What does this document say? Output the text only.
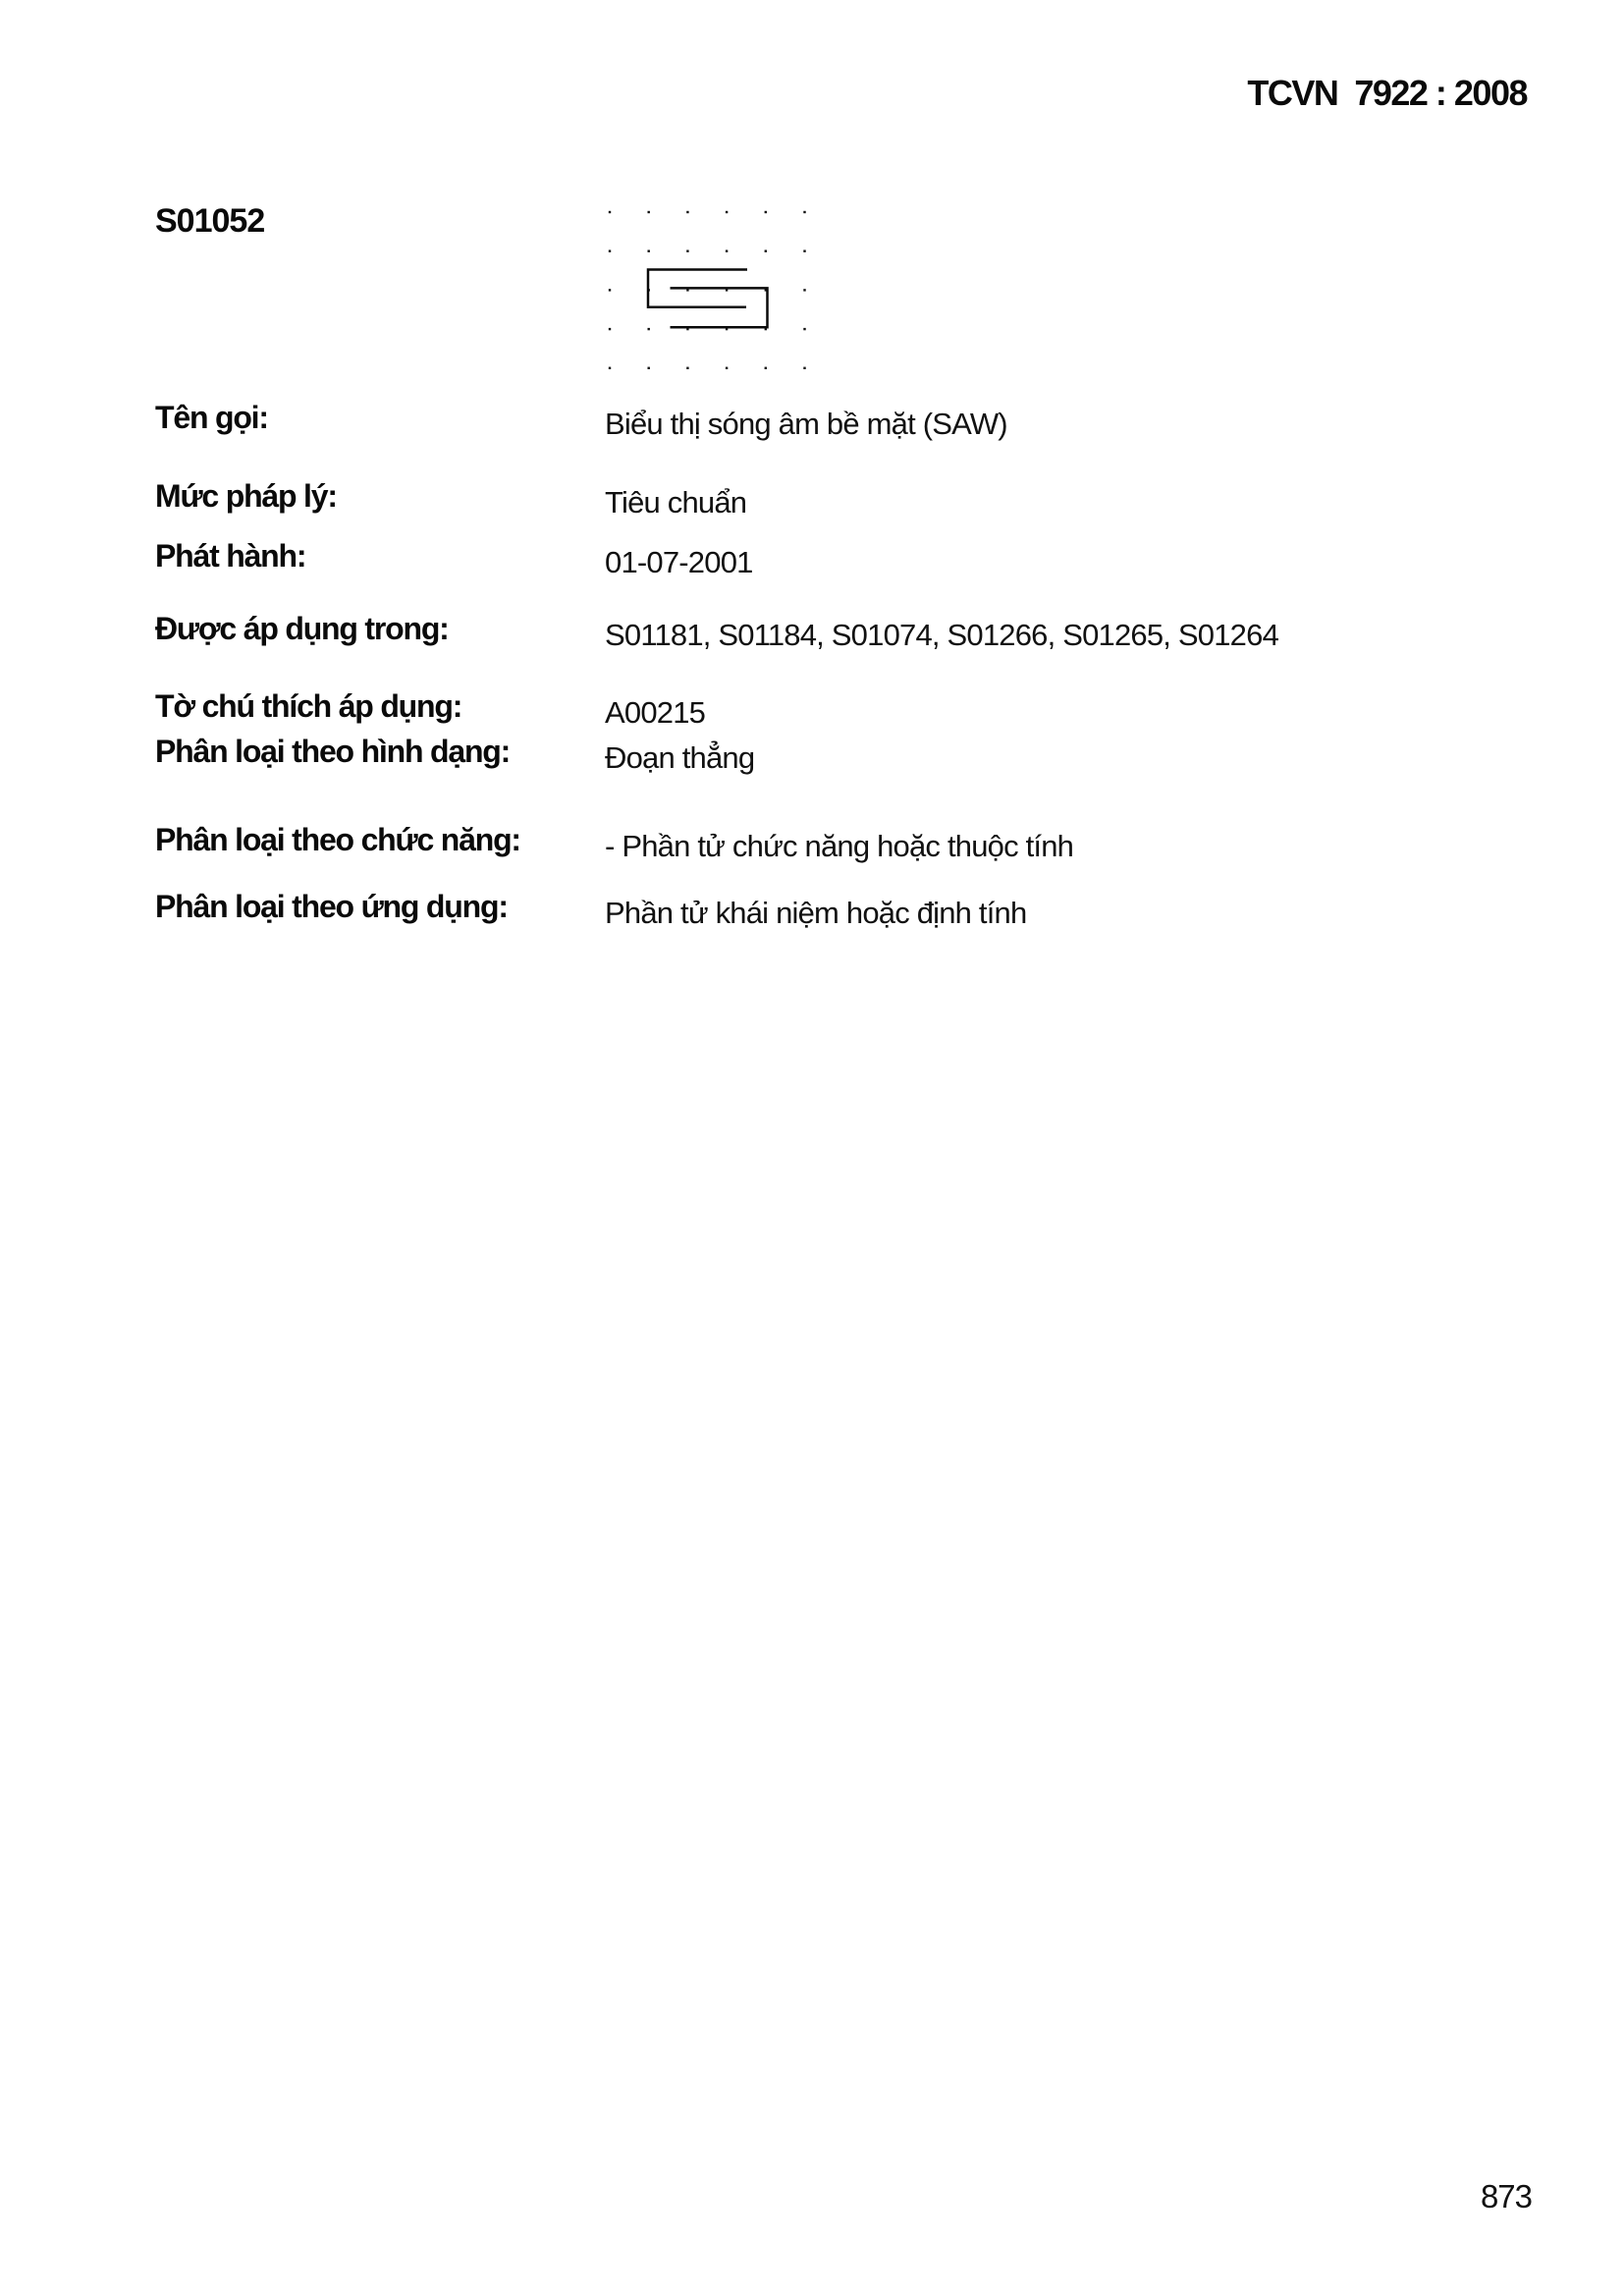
TCVN  7922 : 2008
S01052
Tên gọi:	Biểu thị sóng âm bề mặt (SAW)
Mức pháp lý:	Tiêu chuẩn
Phát hành:	01-07-2001
Được áp dụng trong:	S01181, S01184, S01074, S01266, S01265, S01264
Tờ chú thích áp dụng:	A00215
Phân loại theo hình dạng:	Đoạn thẳng
Phân loại theo chức năng:	- Phần tử chức năng hoặc thuộc tính
Phân loại theo ứng dụng:	Phần tử khái niệm hoặc định tính
873
